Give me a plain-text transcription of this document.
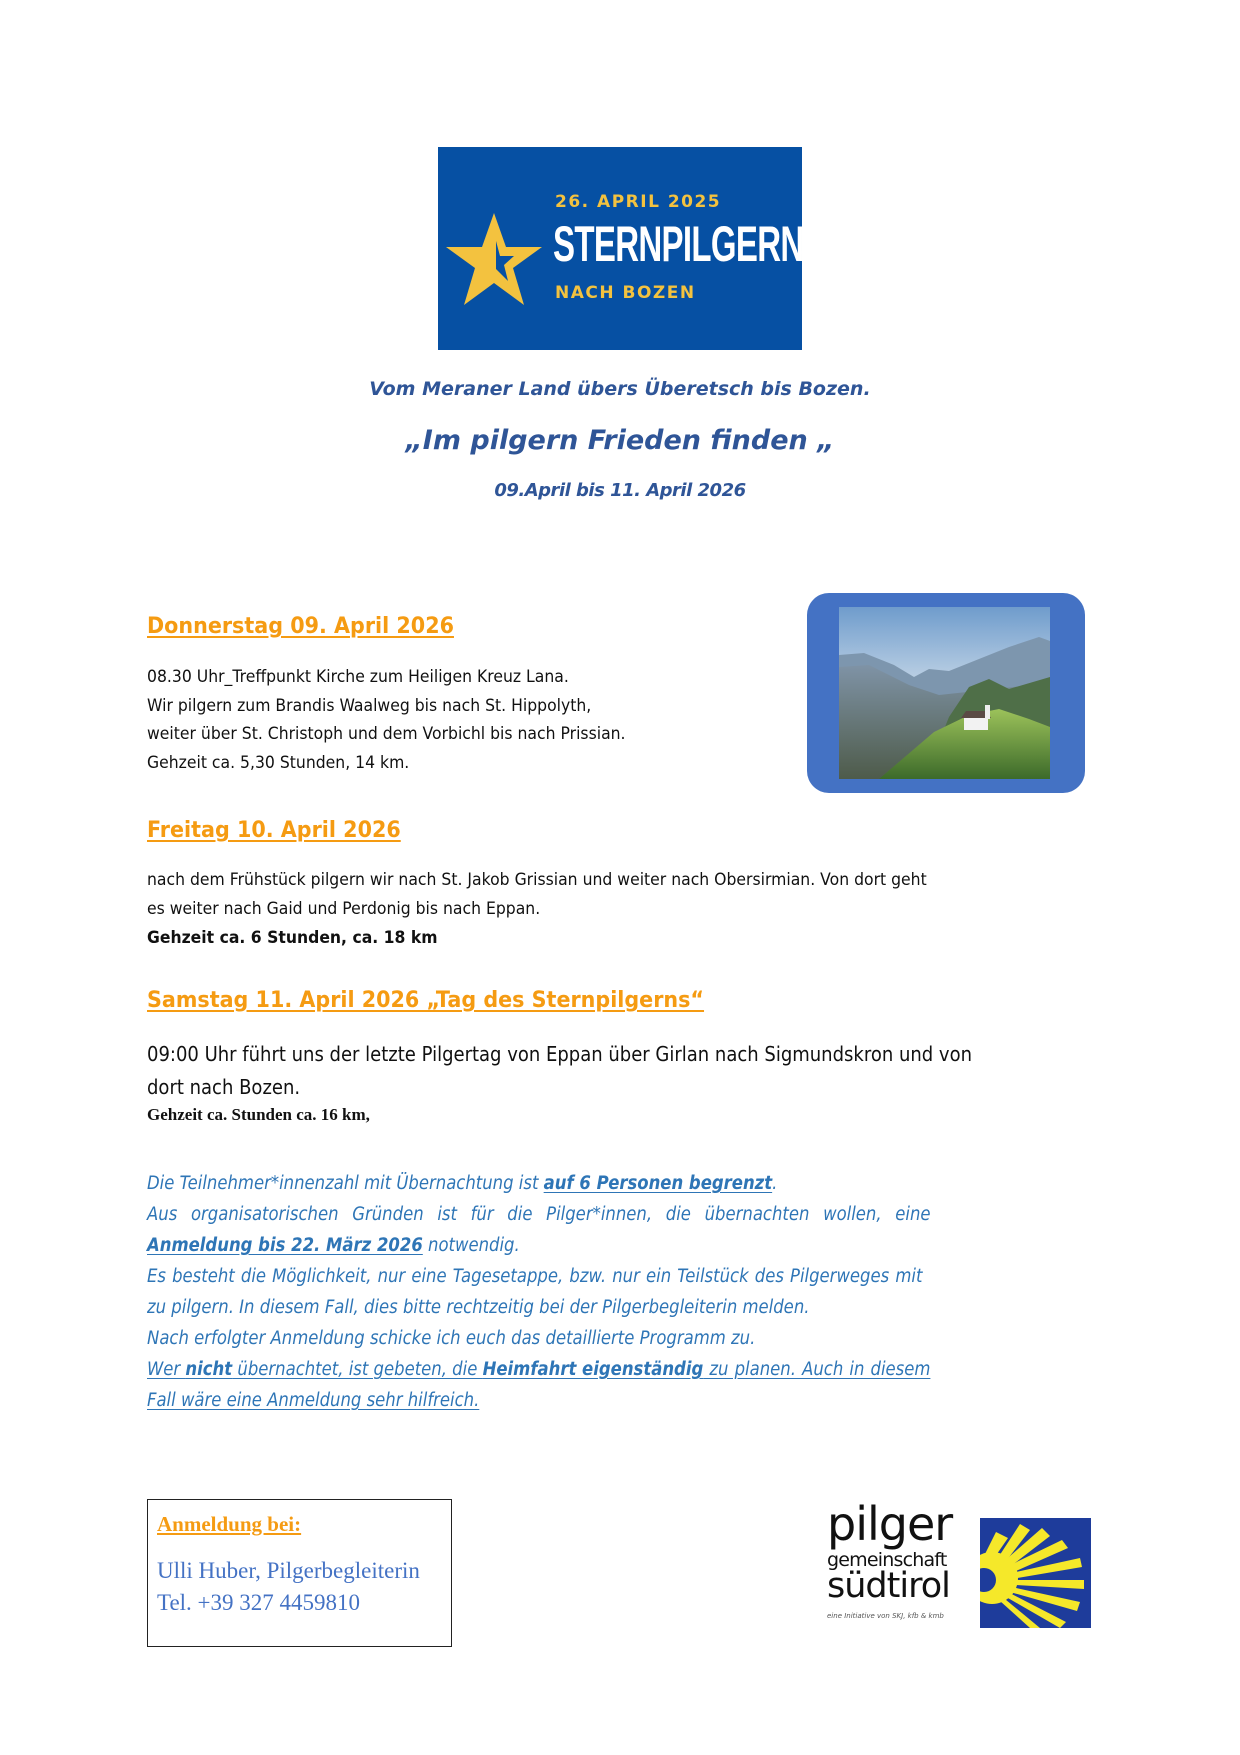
26. APRIL 2025
STERNPILGERN
NACH BOZEN
Vom Meraner Land übers Überetsch bis Bozen.
„Im pilgern Frieden finden „
09.April bis 11. April 2026
Donnerstag 09. April 2026
08.30 Uhr_Treffpunkt Kirche zum Heiligen Kreuz Lana.
Wir pilgern zum Brandis Waalweg bis nach St. Hippolyth,
weiter über St. Christoph und dem Vorbichl bis nach Prissian.
Gehzeit ca. 5,30 Stunden, 14 km.
Freitag 10. April 2026
nach dem Frühstück pilgern wir nach St. Jakob Grissian und weiter nach Obersirmian. Von dort geht
es weiter nach Gaid und Perdonig bis nach Eppan.
Gehzeit ca. 6 Stunden, ca. 18 km
Samstag 11. April 2026 „Tag des Sternpilgerns“
09:00 Uhr führt uns der letzte Pilgertag von Eppan über Girlan nach Sigmundskron und von
dort nach Bozen.
Gehzeit ca. Stunden ca. 16 km,

Die Teilnehmer*innenzahl mit Übernachtung ist auf 6 Personen begrenzt.

Aus organisatorischen Gründen ist für die Pilger*innen, die übernachten wollen, eine

Anmeldung bis 22. März 2026 notwendig.

Es besteht die Möglichkeit, nur eine Tagesetappe, bzw. nur ein Teilstück des Pilgerweges mit

zu pilgern. In diesem Fall, dies bitte rechtzeitig bei der Pilgerbegleiterin melden.

Nach erfolgter Anmeldung schicke ich euch das detaillierte Programm zu.

Wer nicht übernachtet, ist gebeten, die Heimfahrt eigenständig zu planen. Auch in diesem

Fall wäre eine Anmeldung sehr hilfreich.

Anmeldung bei:
Ulli Huber, Pilgerbegleiterin
Tel. +39 327 4459810
pilger
gemeinschaft
südtirol
eine Initiative von SKJ, kfb & kmb
